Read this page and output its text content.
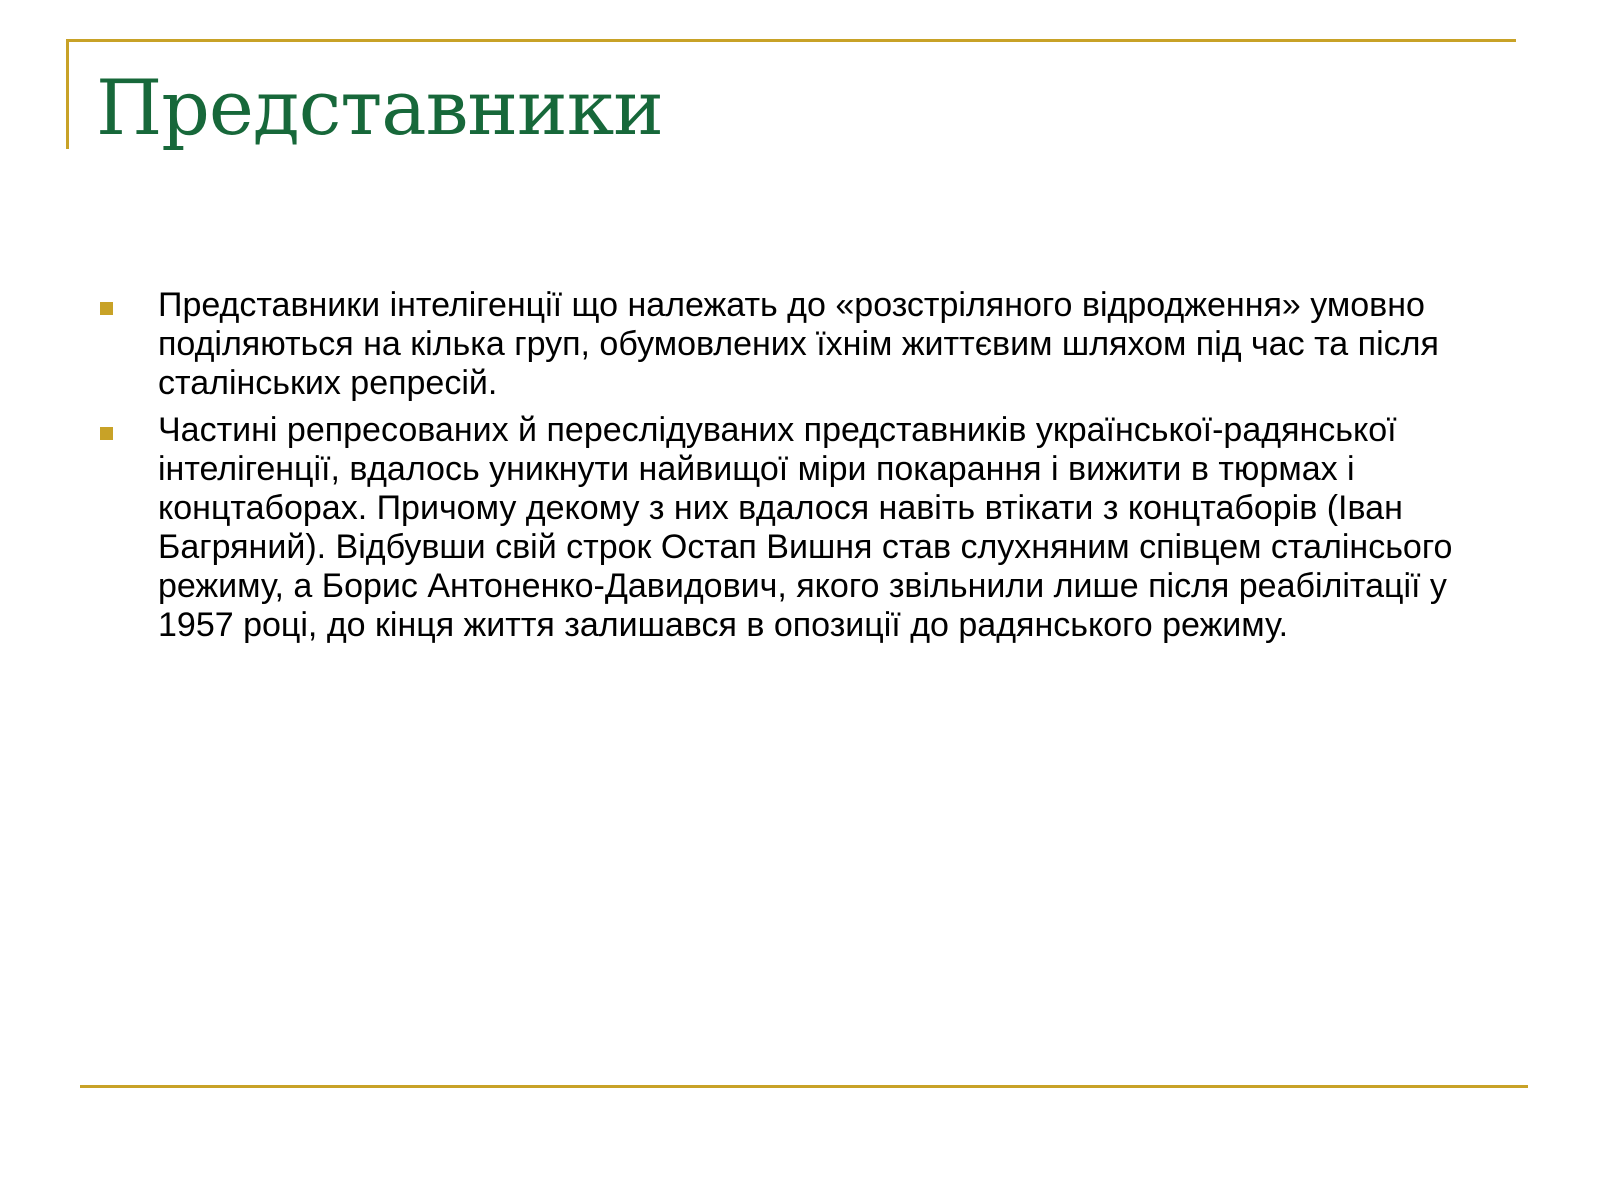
Представники
Представники інтелігенції що належать до «розстріляного відродження» умовно поділяються на кілька груп, обумовлених їхнім життєвим шляхом під час та після сталінських репресій.
Частині репресованих й переслідуваних представників української-радянської інтелігенції, вдалось уникнути найвищої міри покарання і вижити в тюрмах і концтаборах. Причому декому з них вдалося навіть втікати з концтаборів (Іван Багряний). Відбувши свій строк Остап Вишня став слухняним співцем сталінсього режиму, а Борис Антоненко-Давидович, якого звільнили лише після реабілітації у 1957 році, до кінця життя залишався в опозиції до радянського режиму.
